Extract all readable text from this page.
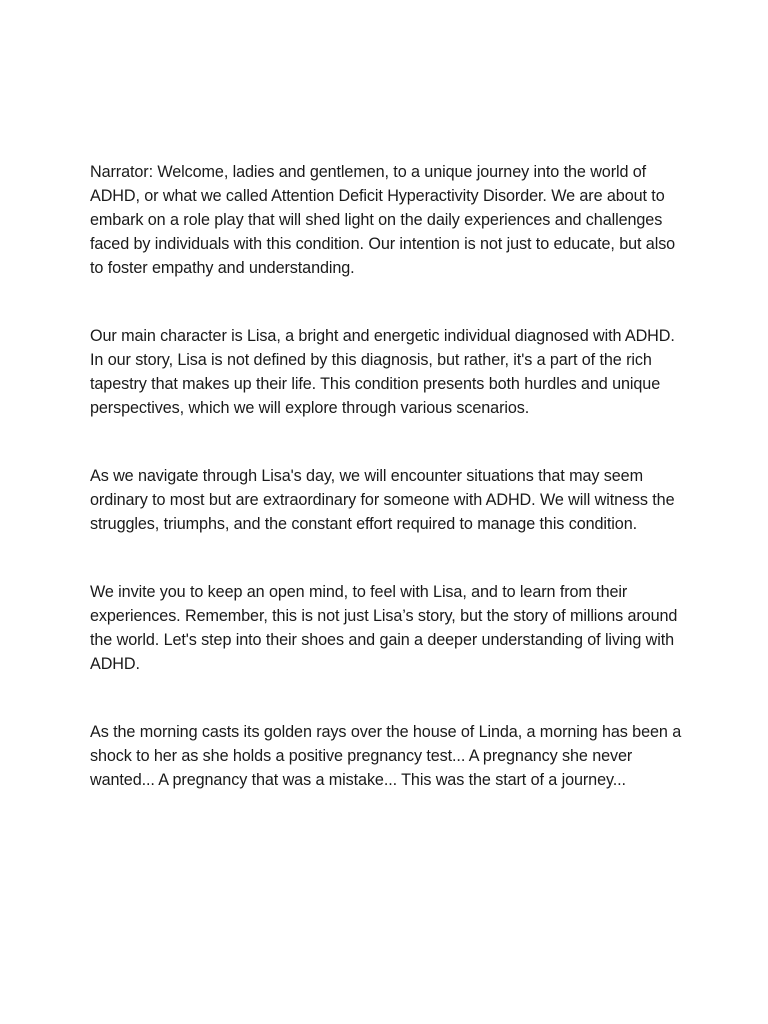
Narrator: Welcome, ladies and gentlemen, to a unique journey into the world of ADHD, or what we called Attention Deficit Hyperactivity Disorder. We are about to embark on a role play that will shed light on the daily experiences and challenges faced by individuals with this condition. Our intention is not just to educate, but also to foster empathy and understanding.

Our main character is Lisa, a bright and energetic individual diagnosed with ADHD. In our story, Lisa is not defined by this diagnosis, but rather, it's a part of the rich tapestry that makes up their life. This condition presents both hurdles and unique perspectives, which we will explore through various scenarios.

As we navigate through Lisa's day, we will encounter situations that may seem ordinary to most but are extraordinary for someone with ADHD. We will witness the struggles, triumphs, and the constant effort required to manage this condition.

We invite you to keep an open mind, to feel with Lisa, and to learn from their experiences. Remember, this is not just Lisa’s story, but the story of millions around the world. Let's step into their shoes and gain a deeper understanding of living with ADHD.

As the morning casts its golden rays over the house of Linda, a morning has been a shock to her as she holds a positive pregnancy test... A pregnancy she never wanted... A pregnancy that was a mistake... This was the start of a journey...
